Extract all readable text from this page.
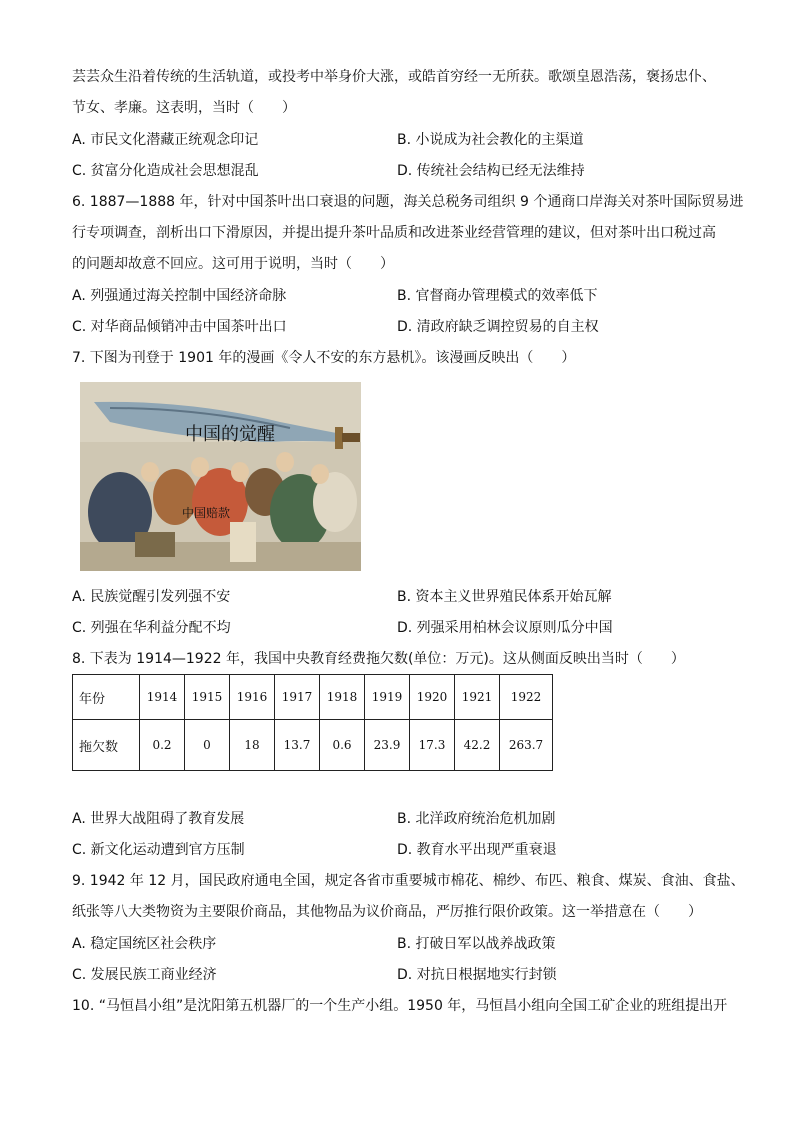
芸芸众生沿着传统的生活轨道，或投考中举身价大涨，或皓首穷经一无所获。歌颂皇恩浩荡，褒扬忠仆、
节女、孝廉。这表明，当时（　　）
A. 市民文化潜藏正统观念印记	B. 小说成为社会教化的主渠道
C. 贫富分化造成社会思想混乱	D. 传统社会结构已经无法维持
6. 1887—1888 年，针对中国茶叶出口衰退的问题，海关总税务司组织 9 个通商口岸海关对茶叶国际贸易进
行专项调查，剖析出口下滑原因，并提出提升茶叶品质和改进茶业经营管理的建议，但对茶叶出口税过高
的问题却故意不回应。这可用于说明，当时（　　）
A. 列强通过海关控制中国经济命脉	B. 官督商办管理模式的效率低下
C. 对华商品倾销冲击中国茶叶出口	D. 清政府缺乏调控贸易的自主权
7. 下图为刊登于 1901 年的漫画《令人不安的东方悬机》。该漫画反映出（　　）
中国的觉醒
中国赔款
A. 民族觉醒引发列强不安	B. 资本主义世界殖民体系开始瓦解
C. 列强在华利益分配不均	D. 列强采用柏林会议原则瓜分中国
8. 下表为 1914—1922 年，我国中央教育经费拖欠数(单位：万元)。这从侧面反映出当时（　　）
年份	1914	1915	1916	1917	1918	1919	1920	1921	1922
拖欠数	0.2	0	18	13.7	0.6	23.9	17.3	42.2	263.7
A. 世界大战阻碍了教育发展	B. 北洋政府统治危机加剧
C. 新文化运动遭到官方压制	D. 教育水平出现严重衰退
9. 1942 年 12 月，国民政府通电全国，规定各省市重要城市棉花、棉纱、布匹、粮食、煤炭、食油、食盐、
纸张等八大类物资为主要限价商品，其他物品为议价商品，严厉推行限价政策。这一举措意在（　　）
A. 稳定国统区社会秩序	B. 打破日军以战养战政策
C. 发展民族工商业经济	D. 对抗日根据地实行封锁
10. “马恒昌小组”是沈阳第五机器厂的一个生产小组。1950 年，马恒昌小组向全国工矿企业的班组提出开
